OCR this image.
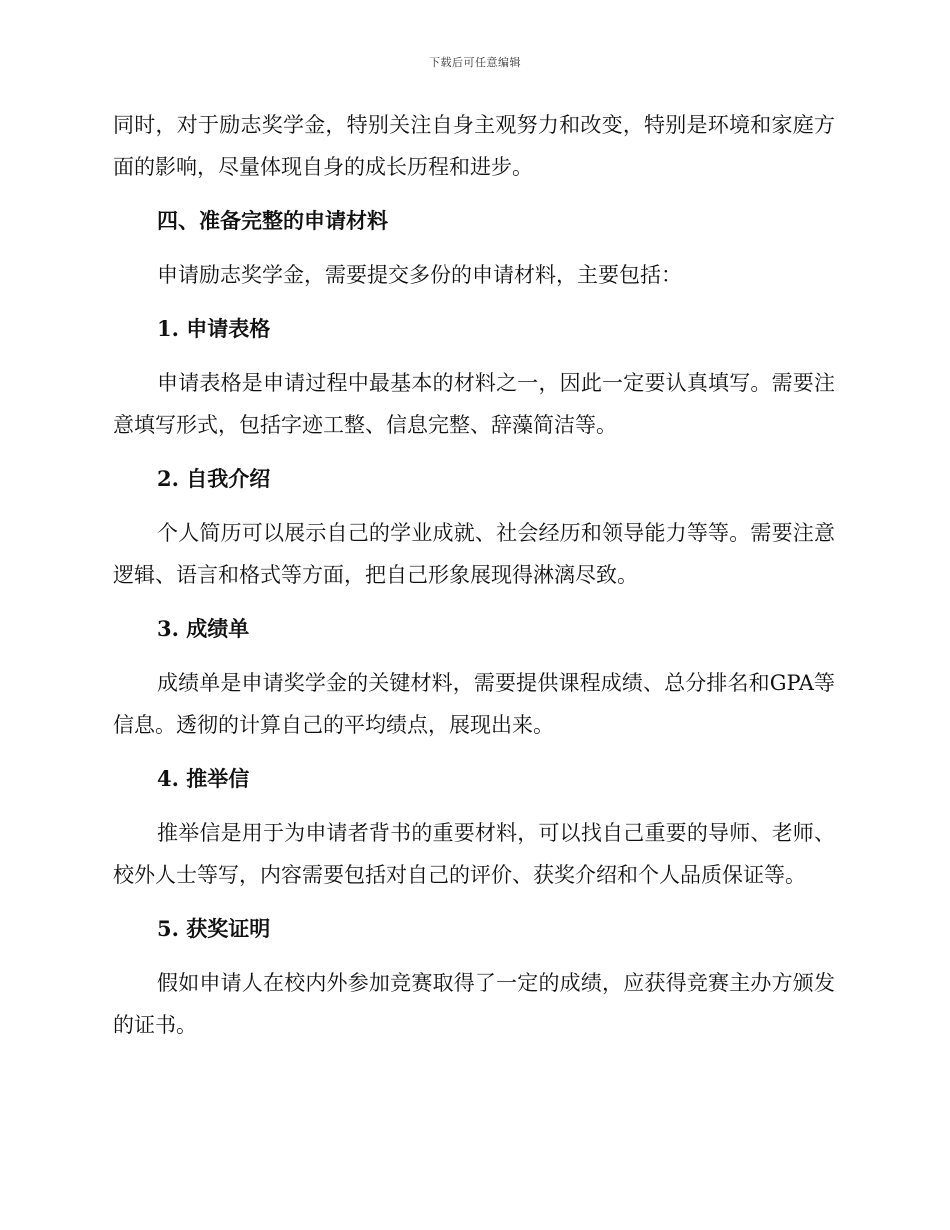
下载后可任意编辑

同时，对于励志奖学金，特别关注自身主观努力和改变，特别是环境和家庭方面的影响，尽量体现自身的成长历程和进步。

四、准备完整的申请材料

申请励志奖学金，需要提交多份的申请材料，主要包括：

1. 申请表格

申请表格是申请过程中最基本的材料之一，因此一定要认真填写。需要注意填写形式，包括字迹工整、信息完整、辞藻简洁等。

2. 自我介绍

个人简历可以展示自己的学业成就、社会经历和领导能力等等。需要注意逻辑、语言和格式等方面，把自己形象展现得淋漓尽致。

3. 成绩单

成绩单是申请奖学金的关键材料，需要提供课程成绩、总分排名和GPA等信息。透彻的计算自己的平均绩点，展现出来。

4. 推举信

推举信是用于为申请者背书的重要材料，可以找自己重要的导师、老师、校外人士等写，内容需要包括对自己的评价、获奖介绍和个人品质保证等。

5. 获奖证明

假如申请人在校内外参加竞赛取得了一定的成绩，应获得竞赛主办方颁发的证书。
